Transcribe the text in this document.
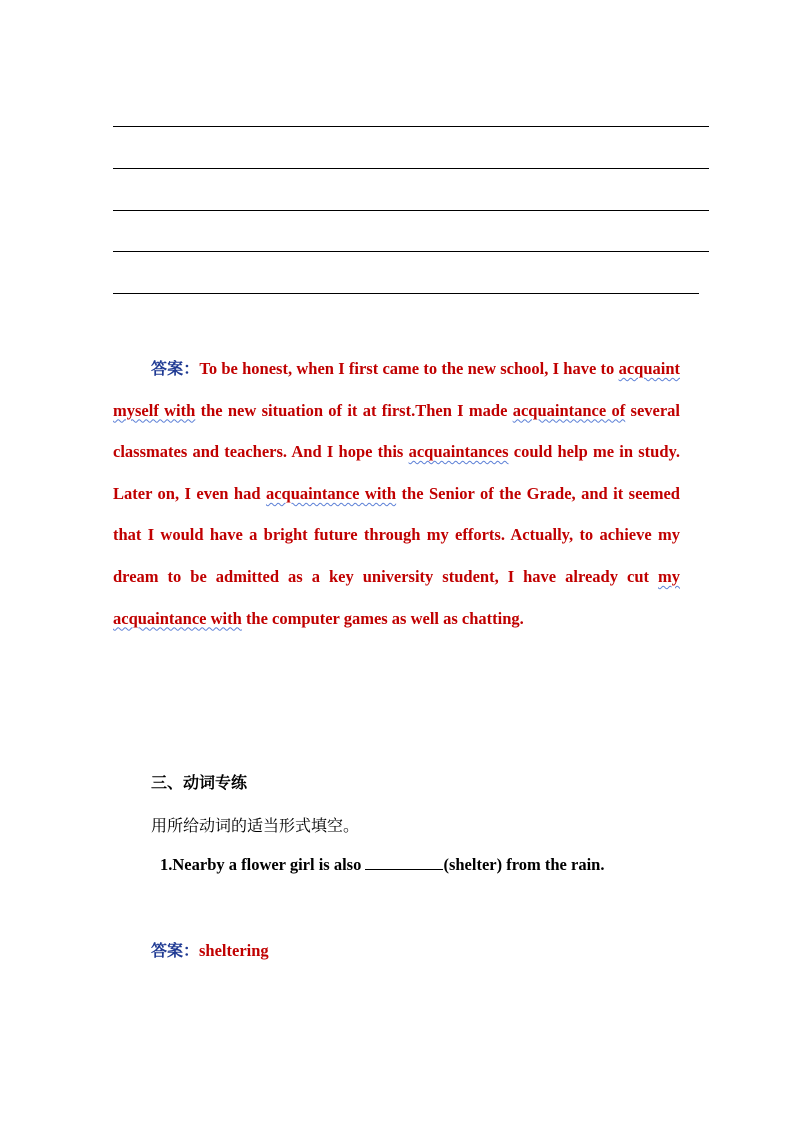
答案：To be honest, when I first came to the new school, I have to acquaint myself with the new situation of it at first.Then I made acquaintance of several classmates and teachers. And I hope this acquaintances could help me in study. Later on, I even had acquaintance with the Senior of the Grade, and it seemed that I would have a bright future through my efforts. Actually, to achieve my dream to be admitted as a key university student, I have already cut my acquaintance with the computer games as well as chatting.
三、动词专练
用所给动词的适当形式填空。
1.Nearby a flower girl is also	(shelter) from the rain.
答案：sheltering
